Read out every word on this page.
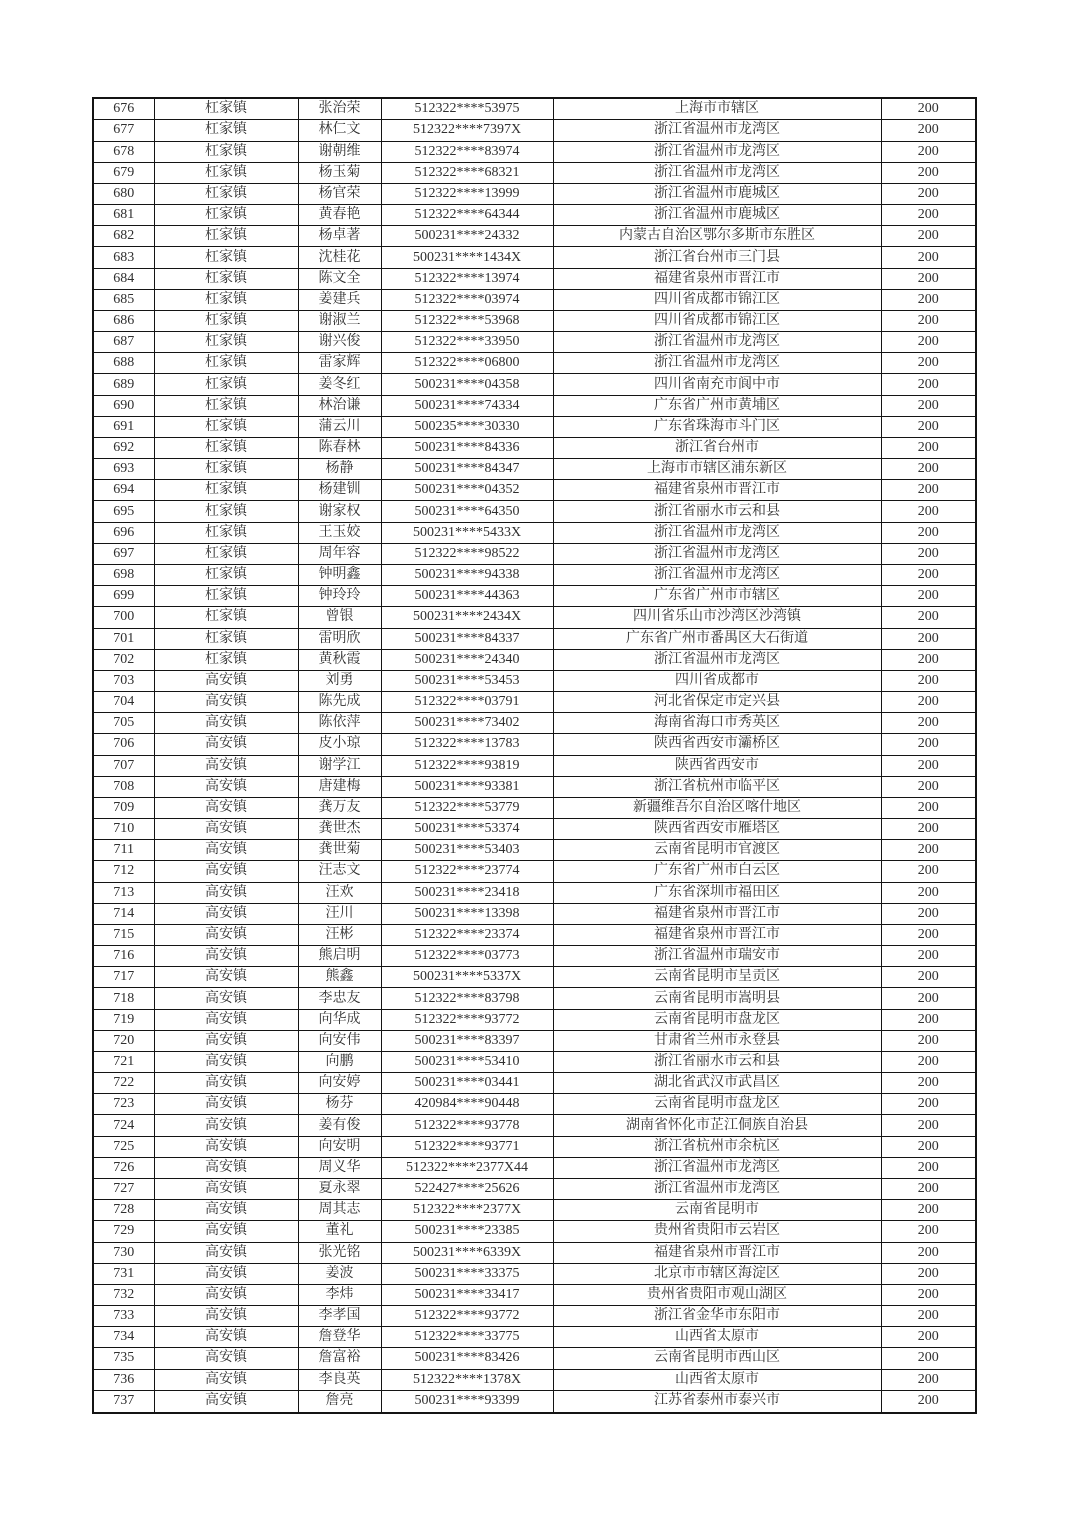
676	杠家镇	张治荣	512322****53975	上海市市辖区	200
677	杠家镇	林仁文	512322****7397X	浙江省温州市龙湾区	200
678	杠家镇	谢朝维	512322****83974	浙江省温州市龙湾区	200
679	杠家镇	杨玉菊	512322****68321	浙江省温州市龙湾区	200
680	杠家镇	杨官荣	512322****13999	浙江省温州市鹿城区	200
681	杠家镇	黄春艳	512322****64344	浙江省温州市鹿城区	200
682	杠家镇	杨卓著	500231****24332	内蒙古自治区鄂尔多斯市东胜区	200
683	杠家镇	沈桂花	500231****1434X	浙江省台州市三门县	200
684	杠家镇	陈文全	512322****13974	福建省泉州市晋江市	200
685	杠家镇	姜建兵	512322****03974	四川省成都市锦江区	200
686	杠家镇	谢淑兰	512322****53968	四川省成都市锦江区	200
687	杠家镇	谢兴俊	512322****33950	浙江省温州市龙湾区	200
688	杠家镇	雷家辉	512322****06800	浙江省温州市龙湾区	200
689	杠家镇	姜冬红	500231****04358	四川省南充市阆中市	200
690	杠家镇	林治谦	500231****74334	广东省广州市黄埔区	200
691	杠家镇	蒲云川	500235****30330	广东省珠海市斗门区	200
692	杠家镇	陈春林	500231****84336	浙江省台州市	200
693	杠家镇	杨静	500231****84347	上海市市辖区浦东新区	200
694	杠家镇	杨建钏	500231****04352	福建省泉州市晋江市	200
695	杠家镇	谢家权	500231****64350	浙江省丽水市云和县	200
696	杠家镇	王玉姣	500231****5433X	浙江省温州市龙湾区	200
697	杠家镇	周年容	512322****98522	浙江省温州市龙湾区	200
698	杠家镇	钟明鑫	500231****94338	浙江省温州市龙湾区	200
699	杠家镇	钟玲玲	500231****44363	广东省广州市市辖区	200
700	杠家镇	曾银	500231****2434X	四川省乐山市沙湾区沙湾镇	200
701	杠家镇	雷明欣	500231****84337	广东省广州市番禺区大石街道	200
702	杠家镇	黄秋霞	500231****24340	浙江省温州市龙湾区	200
703	高安镇	刘勇	500231****53453	四川省成都市	200
704	高安镇	陈先成	512322****03791	河北省保定市定兴县	200
705	高安镇	陈依萍	500231****73402	海南省海口市秀英区	200
706	高安镇	皮小琼	512322****13783	陕西省西安市灞桥区	200
707	高安镇	谢学江	512322****93819	陕西省西安市	200
708	高安镇	唐建梅	500231****93381	浙江省杭州市临平区	200
709	高安镇	龚万友	512322****53779	新疆维吾尔自治区喀什地区	200
710	高安镇	龚世杰	500231****53374	陕西省西安市雁塔区	200
711	高安镇	龚世菊	500231****53403	云南省昆明市官渡区	200
712	高安镇	汪志文	512322****23774	广东省广州市白云区	200
713	高安镇	汪欢	500231****23418	广东省深圳市福田区	200
714	高安镇	汪川	500231****13398	福建省泉州市晋江市	200
715	高安镇	汪彬	512322****23374	福建省泉州市晋江市	200
716	高安镇	熊启明	512322****03773	浙江省温州市瑞安市	200
717	高安镇	熊鑫	500231****5337X	云南省昆明市呈贡区	200
718	高安镇	李忠友	512322****83798	云南省昆明市嵩明县	200
719	高安镇	向华成	512322****93772	云南省昆明市盘龙区	200
720	高安镇	向安伟	500231****83397	甘肃省兰州市永登县	200
721	高安镇	向鹏	500231****53410	浙江省丽水市云和县	200
722	高安镇	向安婷	500231****03441	湖北省武汉市武昌区	200
723	高安镇	杨芬	420984****90448	云南省昆明市盘龙区	200
724	高安镇	姜有俊	512322****93778	湖南省怀化市芷江侗族自治县	200
725	高安镇	向安明	512322****93771	浙江省杭州市余杭区	200
726	高安镇	周义华	512322****2377X44	浙江省温州市龙湾区	200
727	高安镇	夏永翠	522427****25626	浙江省温州市龙湾区	200
728	高安镇	周其志	512322****2377X	云南省昆明市	200
729	高安镇	董礼	500231****23385	贵州省贵阳市云岩区	200
730	高安镇	张光铭	500231****6339X	福建省泉州市晋江市	200
731	高安镇	姜波	500231****33375	北京市市辖区海淀区	200
732	高安镇	李炜	500231****33417	贵州省贵阳市观山湖区	200
733	高安镇	李孝国	512322****93772	浙江省金华市东阳市	200
734	高安镇	詹登华	512322****33775	山西省太原市	200
735	高安镇	詹富裕	500231****83426	云南省昆明市西山区	200
736	高安镇	李良英	512322****1378X	山西省太原市	200
737	高安镇	詹亮	500231****93399	江苏省泰州市泰兴市	200
